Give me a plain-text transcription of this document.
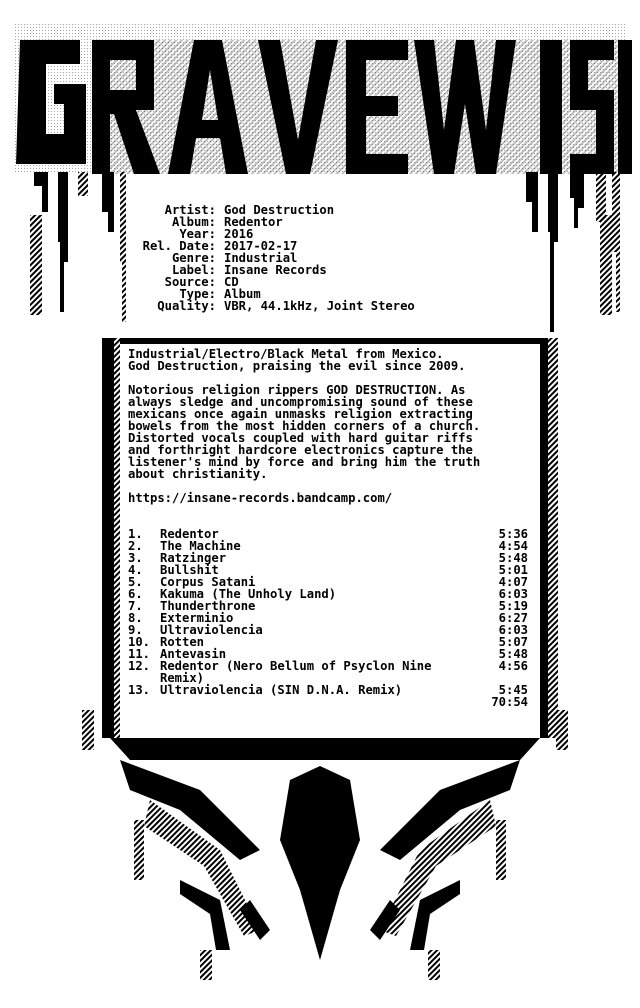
Artist: God Destruction
Album: Redentor
Year: 2016
Rel. Date: 2017-02-17
Genre: Industrial
Label: Insane Records
Source: CD
Type: Album
Quality: VBR, 44.1kHz, Joint Stereo
Industrial/Electro/Black Metal from Mexico.
God Destruction, praising the evil since 2009.
Notorious religion rippers GOD DESTRUCTION. As
always sledge and uncompromising sound of these
mexicans once again unmasks religion extracting
bowels from the most hidden corners of a church.
Distorted vocals coupled with hard guitar riffs
and forthright hardcore electronics capture the
listener's mind by force and bring him the truth
about christianity.
https://insane-records.bandcamp.com/
1. Redentor	5:36
2. The Machine	4:54
3. Ratzinger	5:48
4. Bullshit	5:01
5. Corpus Satani	4:07
6. Kakuma (The Unholy Land)	6:03
7. Thunderthrone	5:19
8. Exterminio	6:27
9. Ultraviolencia	6:03
10. Rotten	5:07
11. Antevasin	5:48
12. Redentor (Nero Bellum of Psyclon Nine	4:56
Remix)
13. Ultraviolencia (SIN D.N.A. Remix)	5:45
70:54
